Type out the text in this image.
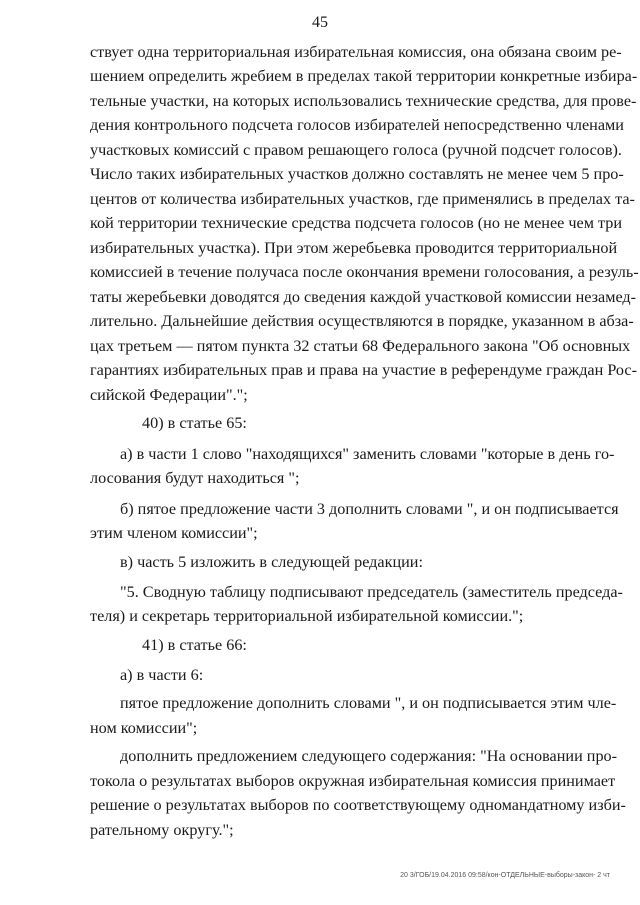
45
ствует одна территориальная избирательная комиссия, она обязана своим ре-
шением определить жребием в пределах такой территории конкретные избира-
тельные участки, на которых использовались технические средства, для прове-
дения контрольного подсчета голосов избирателей непосредственно членами
участковых комиссий с правом решающего голоса (ручной подсчет голосов).
Число таких избирательных участков должно составлять не менее чем 5 про-
центов от количества избирательных участков, где применялись в пределах та-
кой территории технические средства подсчета голосов (но не менее чем три
избирательных участка). При этом жеребьевка проводится территориальной
комиссией в течение получаса после окончания времени голосования, а резуль-
таты жеребьевки доводятся до сведения каждой участковой комиссии незамед-
лительно. Дальнейшие действия осуществляются в порядке, указанном в абза-
цах третьем — пятом пункта 32 статьи 68 Федерального закона "Об основных
гарантиях избирательных прав и права на участие в референдуме граждан Рос-
сийской Федерации".";
40) в статье 65:
а) в части 1 слово "находящихся" заменить словами "которые в день го-
лосования будут находиться ";
б) пятое предложение части 3 дополнить словами ", и он подписывается
этим членом комиссии";
в) часть 5 изложить в следующей редакции:
"5. Сводную таблицу подписывают председатель (заместитель председа-
теля) и секретарь территориальной избирательной комиссии.";
41) в статье 66:
а) в части 6:
пятое предложение дополнить словами ", и он подписывается этим чле-
ном комиссии";
дополнить предложением следующего содержания: "На основании про-
токола о результатах выборов окружная избирательная комиссия принимает
решение о результатах выборов по соответствующему одномандатному изби-
рательному округу.";
20 3/ГОБ/19.04.2016 09:58/кон-ОТДЕЛЬНЫЕ-выборы-закон- 2 чт
